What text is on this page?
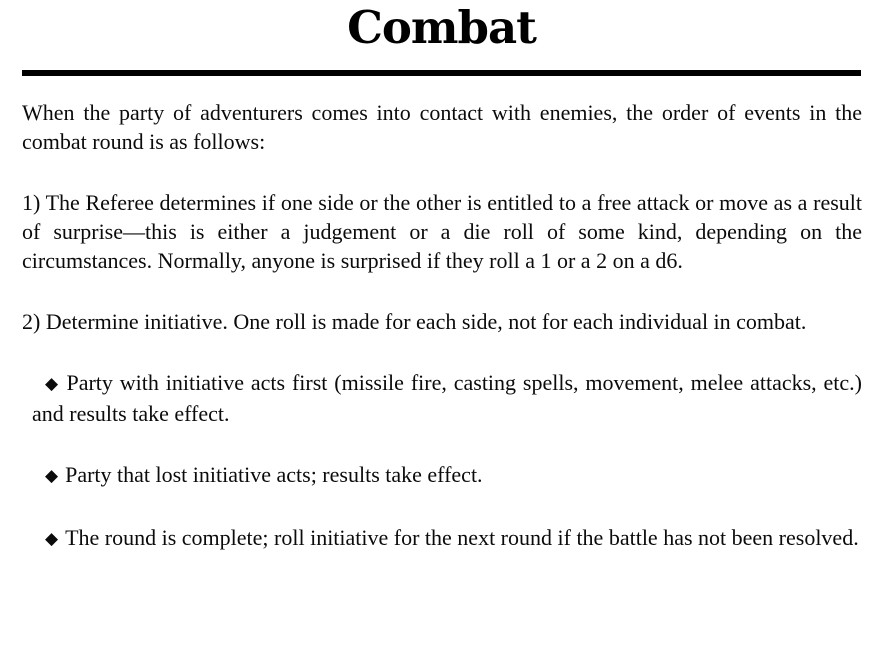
Combat

When the party of adventurers comes into contact with enemies, the order of events in the combat round is as follows:

1) The Referee determines if one side or the other is entitled to a free attack or move as a result of surprise—this is either a judgement or a die roll of some kind, depending on the circumstances. Normally, anyone is surprised if they roll a 1 or a 2 on a d6.

2) Determine initiative. One roll is made for each side, not for each individual in combat.

◆ Party with initiative acts first (missile fire, casting spells, movement, melee attacks, etc.) and results take effect.

◆ Party that lost initiative acts; results take effect.

◆ The round is complete; roll initiative for the next round if the battle has not been resolved.
